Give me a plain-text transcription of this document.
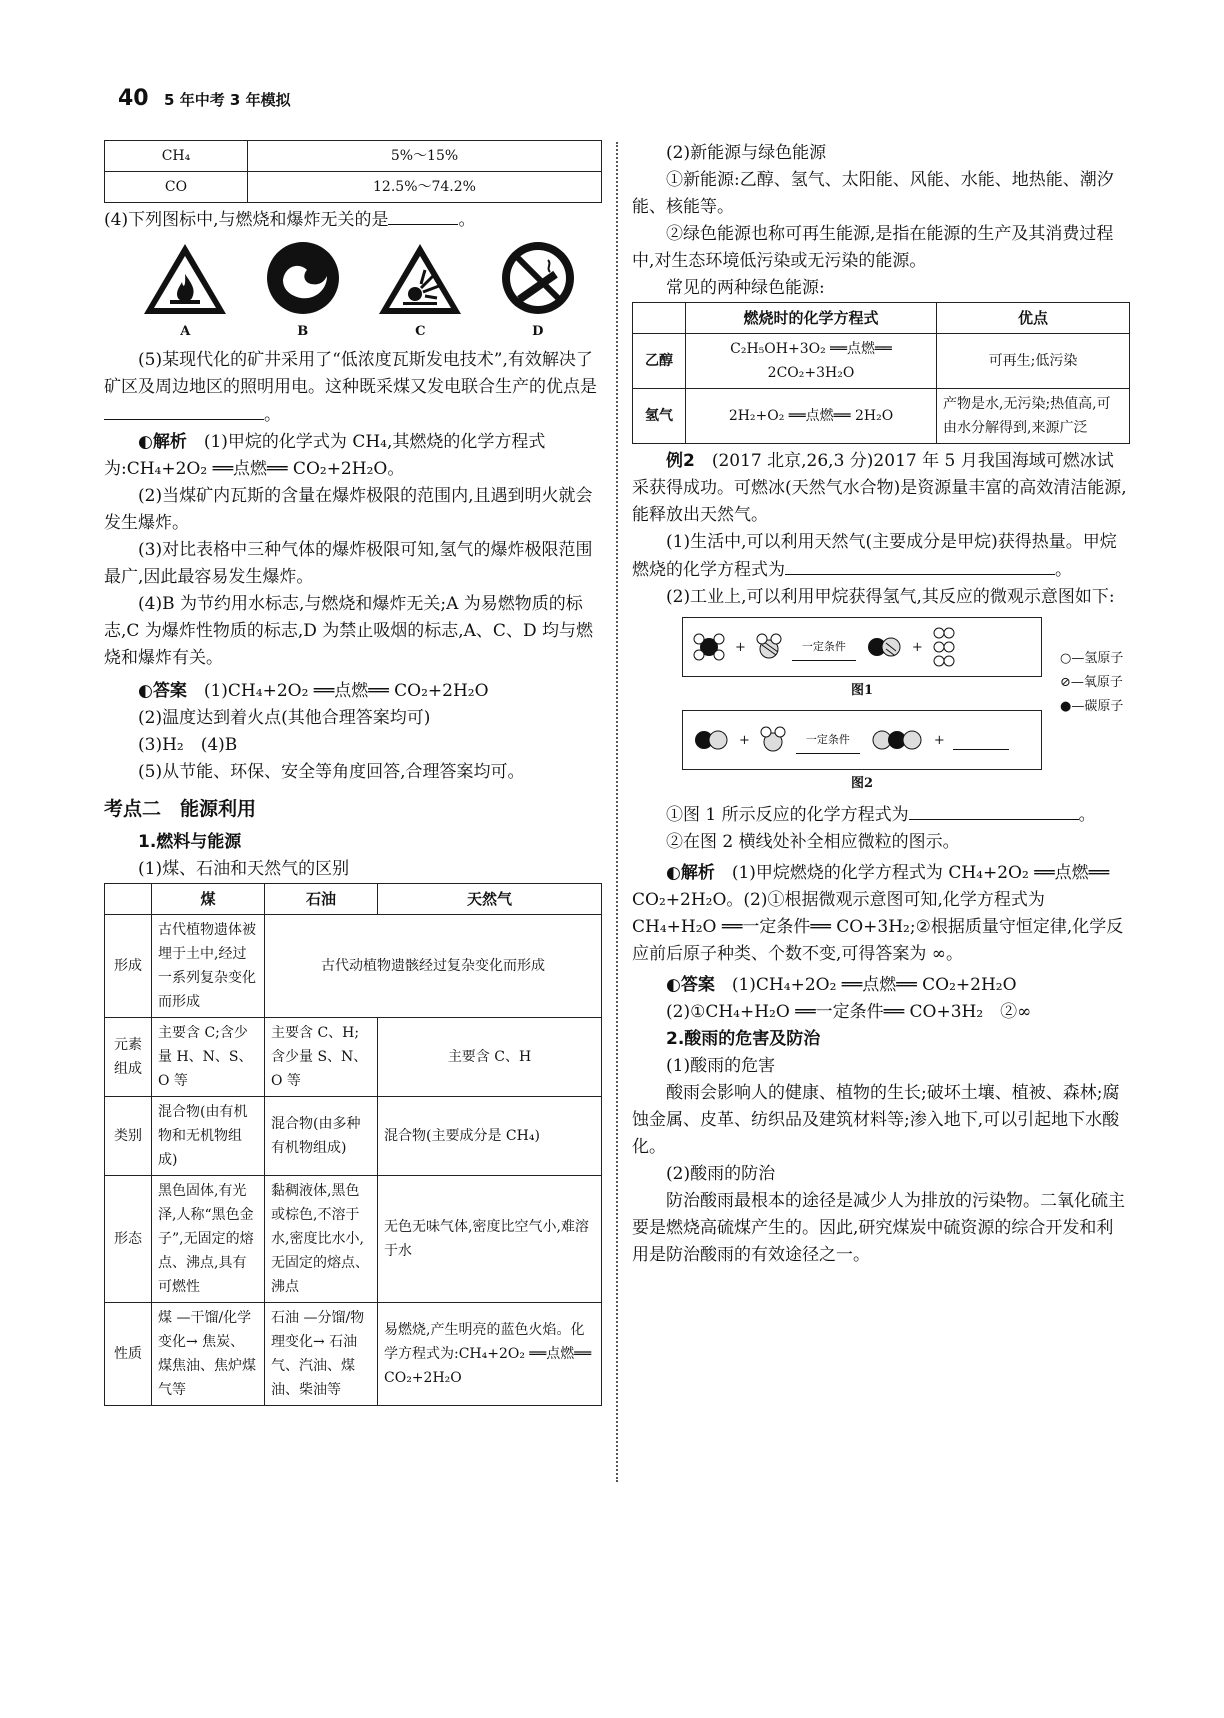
40 5 年中考 3 年模拟
CH₄	5%～15%
CO	12.5%～74.2%

(4)下列图标中,与燃烧和爆炸无关的是	。

A	B	C	D

(5)某现代化的矿井采用了“低浓度瓦斯发电技术”,有效解决了矿区及周边地区的照明用电。这种既采煤又发电联合生产的优点是。

◐解析　 (1)甲烷的化学式为 CH₄,其燃烧的化学方程式为:CH₄+2O₂ ══点燃══ CO₂+2H₂O。

(2)当煤矿内瓦斯的含量在爆炸极限的范围内,且遇到明火就会发生爆炸。

(3)对比表格中三种气体的爆炸极限可知,氢气的爆炸极限范围最广,因此最容易发生爆炸。

(4)B 为节约用水标志,与燃烧和爆炸无关;A 为易燃物质的标志,C 为爆炸性物质的标志,D 为禁止吸烟的标志,A、C、D 均与燃烧和爆炸有关。

◐答案　 (1)CH₄+2O₂ ══点燃══ CO₂+2H₂O

(2)温度达到着火点(其他合理答案均可)

(3)H₂　(4)B

(5)从节能、环保、安全等角度回答,合理答案均可。

考点二　能源利用

1.燃料与能源

(1)煤、石油和天然气的区别

	煤	石油	天然气
形成	古代植物遗体被埋于土中,经过一系列复杂变化而形成	古代动植物遗骸经过复杂变化而形成	
元素组成	主要含 C;含少量 H、N、S、O 等	主要含 C、H;含少量 S、N、O 等	主要含 C、H
类别	混合物(由有机物和无机物组成)	混合物(由多种有机物组成)	混合物(主要成分是 CH₄)
形态	黑色固体,有光泽,人称“黑色金子”,无固定的熔点、沸点,具有可燃性	黏稠液体,黑色或棕色,不溶于水,密度比水小,无固定的熔点、沸点	无色无味气体,密度比空气小,难溶于水
性质	煤 —干馏/化学变化→ 焦炭、煤焦油、焦炉煤气等	石油 —分馏/物理变化→ 石油气、汽油、煤油、柴油等	易燃烧,产生明亮的蓝色火焰。化学方程式为:CH₄+2O₂ ══点燃══ CO₂+2H₂O

(2)新能源与绿色能源

①新能源:乙醇、氢气、太阳能、风能、水能、地热能、潮汐能、核能等。

②绿色能源也称可再生能源,是指在能源的生产及其消费过程中,对生态环境低污染或无污染的能源。

常见的两种绿色能源:

	燃烧时的化学方程式	优点
乙醇	C₂H₅OH+3O₂ ══点燃══ 2CO₂+3H₂O	可再生;低污染
氢气	2H₂+O₂ ══点燃══ 2H₂O	产物是水,无污染;热值高,可由水分解得到,来源广泛

例2　 (2017 北京,26,3 分)2017 年 5 月我国海域可燃冰试采获得成功。可燃冰(天然气水合物)是资源量丰富的高效清洁能源,能释放出天然气。

(1)生活中,可以利用天然气(主要成分是甲烷)获得热量。甲烷燃烧的化学方程式为	。

(2)工业上,可以利用甲烷获得氢气,其反应的微观示意图如下:

+	一定条件	+
图1
+	一定条件	+
图2
○—氢原子
⊘—氧原子
●—碳原子

①图 1 所示反应的化学方程式为	。

②在图 2 横线处补全相应微粒的图示。

◐解析　 (1)甲烷燃烧的化学方程式为 CH₄+2O₂ ══点燃══ CO₂+2H₂O。(2)①根据微观示意图可知,化学方程式为 CH₄+H₂O ══一定条件══ CO+3H₂;②根据质量守恒定律,化学反应前后原子种类、个数不变,可得答案为 ∞。

◐答案　 (1)CH₄+2O₂ ══点燃══ CO₂+2H₂O

(2)①CH₄+H₂O ══一定条件══ CO+3H₂　②∞

2.酸雨的危害及防治

(1)酸雨的危害

酸雨会影响人的健康、植物的生长;破坏土壤、植被、森林;腐蚀金属、皮革、纺织品及建筑材料等;渗入地下,可以引起地下水酸化。

(2)酸雨的防治

防治酸雨最根本的途径是减少人为排放的污染物。二氧化硫主要是燃烧高硫煤产生的。因此,研究煤炭中硫资源的综合开发和利用是防治酸雨的有效途径之一。
